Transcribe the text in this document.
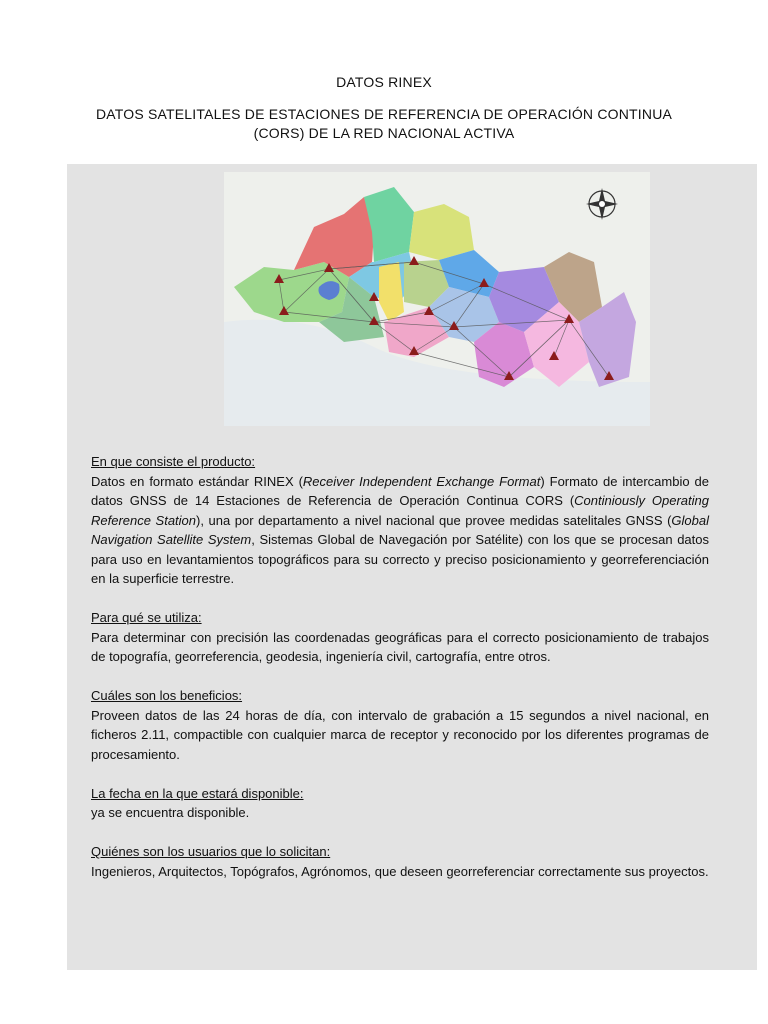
DATOS RINEX
DATOS SATELITALES DE ESTACIONES DE REFERENCIA DE OPERACIÓN CONTINUA (CORS) DE LA RED NACIONAL ACTIVA
En que consiste el producto:
Datos en formato estándar RINEX (Receiver Independent Exchange Format) Formato de intercambio de datos GNSS de 14 Estaciones de Referencia de Operación Continua CORS (Continiously Operating Reference Station), una por departamento a nivel nacional que provee medidas satelitales GNSS (Global Navigation Satellite System, Sistemas Global de Navegación por Satélite) con los que se procesan datos para uso en levantamientos topográficos para su correcto y preciso posicionamiento y georreferenciación en la superficie terrestre.
Para qué se utiliza:
Para determinar con precisión las coordenadas geográficas para el correcto posicionamiento de trabajos de topografía, georreferencia, geodesia, ingeniería civil, cartografía, entre otros.
Cuáles son los beneficios:
Proveen datos de las 24 horas de día, con intervalo de grabación a 15 segundos a nivel nacional, en ficheros 2.11, compactible con cualquier marca de receptor y reconocido por los diferentes programas de procesamiento.
La fecha en la que estará disponible:
ya se encuentra disponible.
Quiénes son los usuarios que lo solicitan:
Ingenieros, Arquitectos, Topógrafos, Agrónomos, que deseen georreferenciar correctamente sus proyectos.
